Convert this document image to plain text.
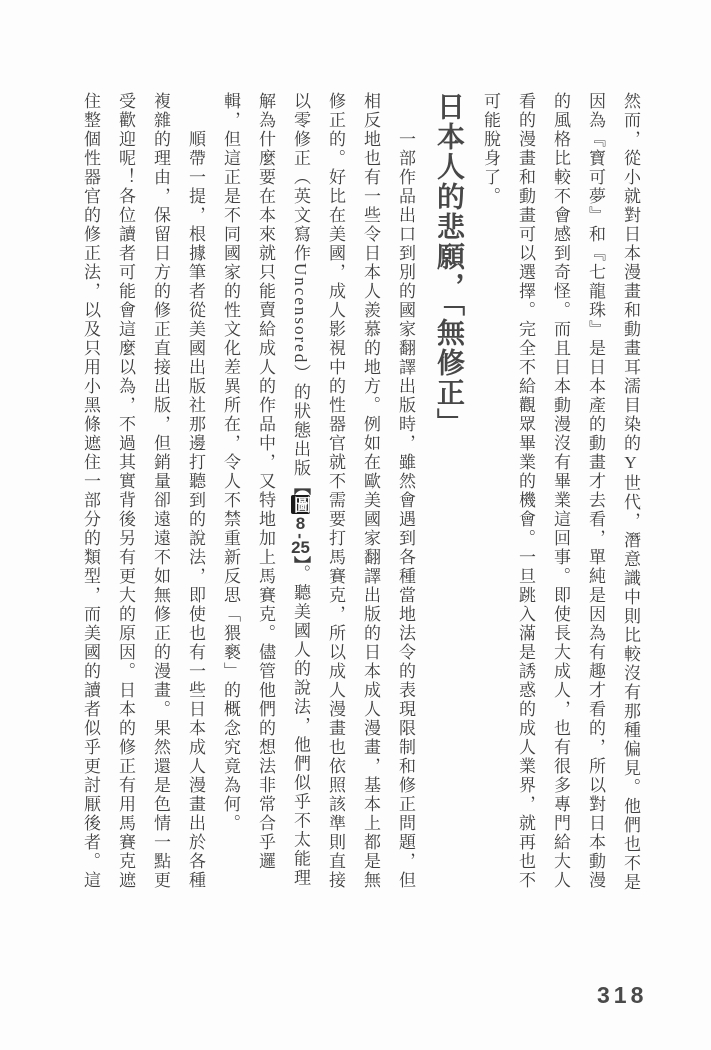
然而，從小就對日本漫畫和動畫耳濡目染的Y世代，潛意識中則比較沒有那種偏見。他們也不是因為『寶可夢』和『七龍珠』是日本產的動畫才去看，單純是因為有趣才看的，所以對日本動漫的風格比較不會感到奇怪。而且日本動漫沒有畢業這回事。即使長大成人，也有很多專門給大人看的漫畫和動畫可以選擇。完全不給觀眾畢業的機會。一旦跳入滿是誘惑的成人業界，就再也不可能脫身了。

日本人的悲願，「無修正」

一部作品出口到別的國家翻譯出版時，雖然會遇到各種當地法令的表現限制和修正問題，但相反地也有一些令日本人羨慕的地方。例如在歐美國家翻譯出版的日本成人漫畫，基本上都是無修正的。好比在美國，成人影視中的性器官就不需要打馬賽克，所以成人漫畫也依照該準則直接以零修正（英文寫作Uncensored）的狀態出版【圖8-25】。聽美國人的說法，他們似乎不太能理解為什麼要在本來就只能賣給成人的作品中，又特地加上馬賽克。儘管他們的想法非常合乎邏輯，但這正是不同國家的性文化差異所在，令人不禁重新反思「猥褻」的概念究竟為何。

順帶一提，根據筆者從美國出版社那邊打聽到的說法，即使也有一些日本成人漫畫出於各種複雜的理由，保留日方的修正直接出版，但銷量卻遠遠不如無修正的漫畫。果然還是色情一點更受歡迎呢！各位讀者可能會這麼以為，不過其實背後另有更大的原因。日本的修正有用馬賽克遮住整個性器官的修正法，以及只用小黑條遮住一部分的類型，而美國的讀者似乎更討厭後者。這

318
